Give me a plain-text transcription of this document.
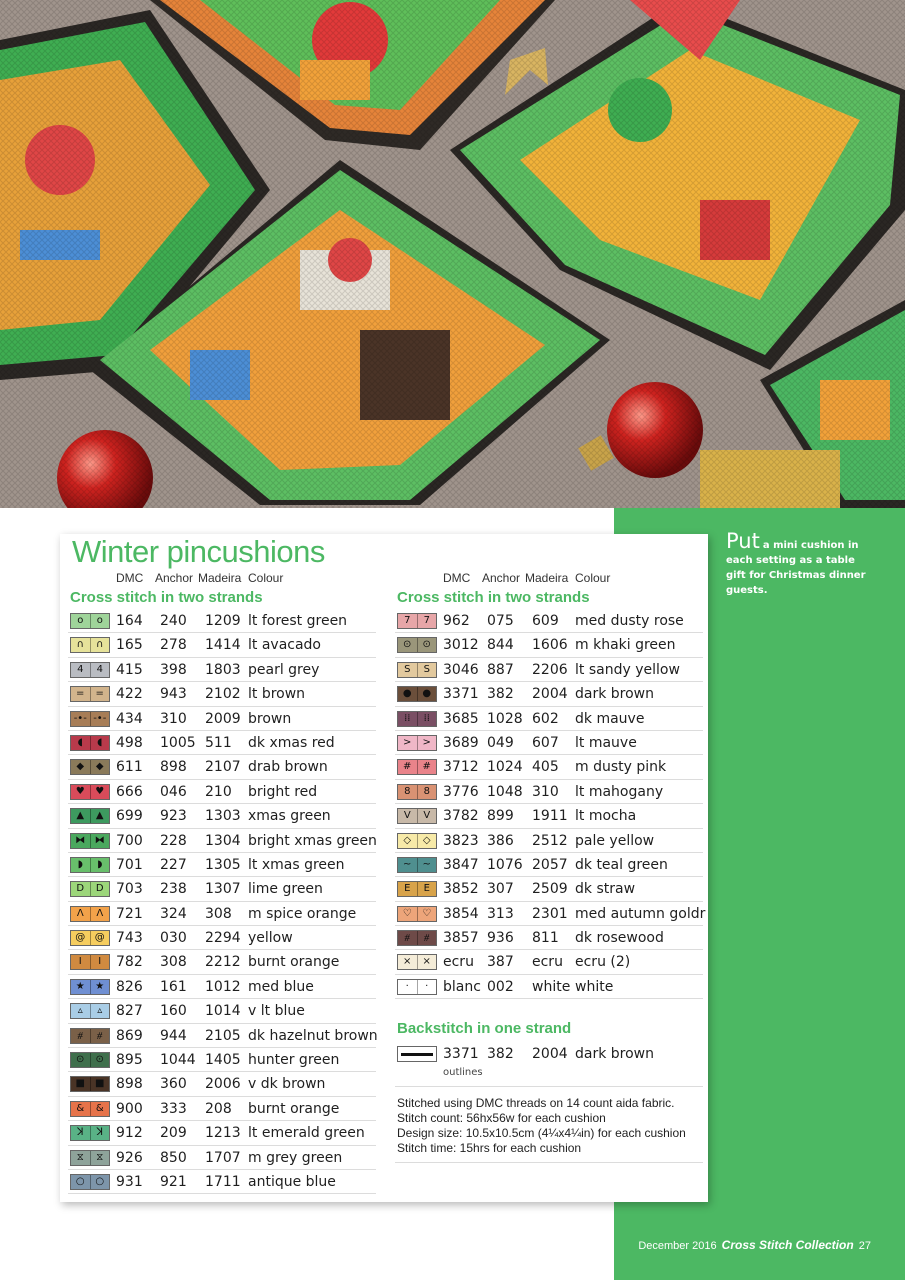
Put a mini cushion in each setting as a table gift for Christmas dinner guests.
Winter pincushions
DMC Anchor Madeira Colour
Cross stitch in two strands
o	o 164 240 1209 lt forest green
∩	∩ 165 278 1414 lt avacado
4	4 415 398 1803 pearl grey
=	= 422 943 2102 lt brown
-•- -•- 434 310 2009 brown
◖	◖ 498 1005 511 dk xmas red
◆	◆ 611 898 2107 drab brown
♥	♥ 666 046 210 bright red
▲	▲ 699 923 1303 xmas green
⧓ ⧓ 700 228 1304 bright xmas green
◗	◗ 701 227 1305 lt xmas green
D	D 703 238 1307 lime green
Λ	Λ 721 324 308 m spice orange
@ @ 743 030 2294 yellow
I	I	782 308 2212 burnt orange
★	★ 826 161 1012 med blue
▵	▵ 827 160 1014 v lt blue
⧣	⧣ 869 944 2105 dk hazelnut brown
⊙	⊙ 895 1044 1405 hunter green
■	■ 898 360 2006 v dk brown
&	& 900 333 208 burnt orange
ꓘ	ꓘ 912 209 1213 lt emerald green
⧖	⧖ 926 850 1707 m grey green
○	○ 931 921 1711 antique blue
DMC Anchor Madeira Colour
Cross stitch in two strands
7	7 962 075 609 med dusty rose
⊙	⊙ 3012 844 1606 m khaki green
S	S 3046 887 2206 lt sandy yellow
●	● 3371 382 2004 dark brown
⁞⁞	⁞⁞ 3685 1028 602 dk mauve
>	> 3689 049 607 lt mauve
#	# 3712 1024 405 m dusty pink
8	8 3776 1048 310 lt mahogany
V	V 3782 899 1911 lt mocha
◇	◇ 3823 386 2512 pale yellow
~	~ 3847 1076 2057 dk teal green
E	E 3852 307 2509 dk straw
♡	♡ 3854 313 2301 med autumn goldr
⧣	⧣ 3857 936 811 dk rosewood
×	× ecru 387 ecru ecru (2)
·	·	blanc 002 white white
Backstitch in one strand
3371 382 2004 dark brown
outlines
Stitched using DMC threads on 14 count aida fabric.
Stitch count: 56hx56w for each cushion
Design size: 10.5x10.5cm (4¼x4¼in) for each cushion
Stitch time: 15hrs for each cushion
December 2016 Cross Stitch Collection 27
